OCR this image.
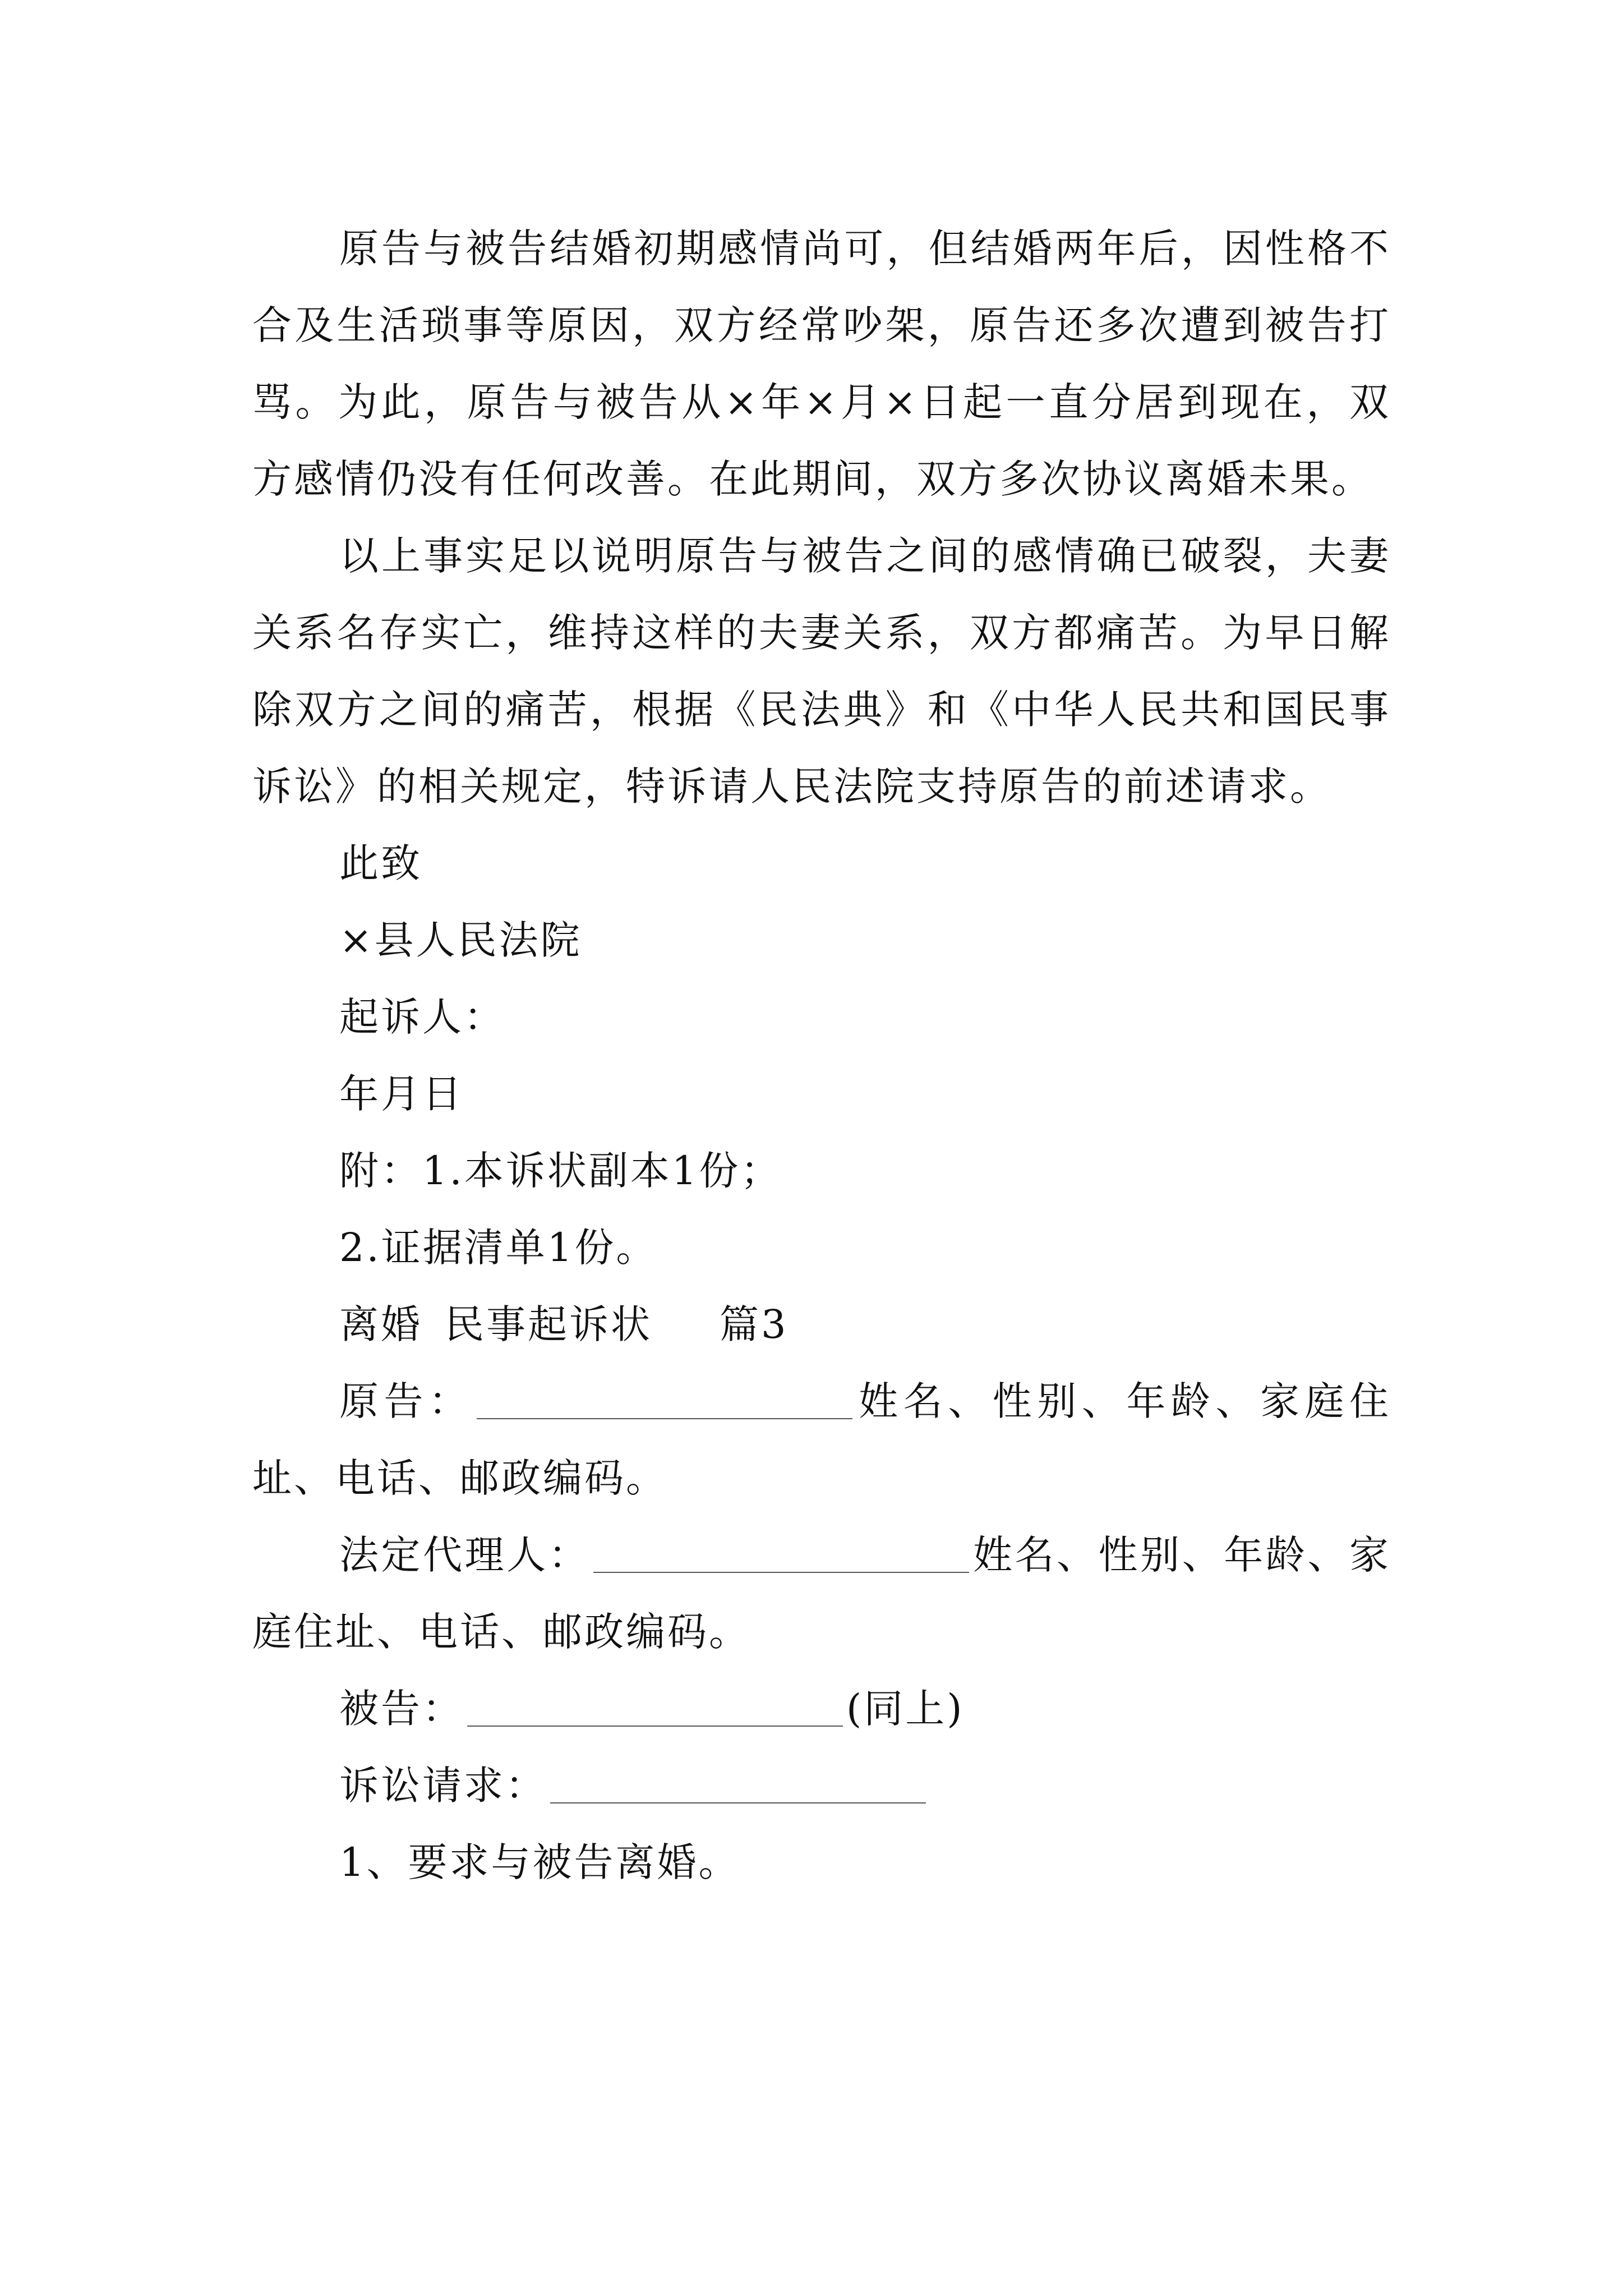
原告与被告结婚初期感情尚可，但结婚两年后，因性格不合及生活琐事等原因，双方经常吵架，原告还多次遭到被告打骂。为此，原告与被告从×年×月×日起一直分居到现在，双方感情仍没有任何改善。在此期间，双方多次协议离婚未果。

以上事实足以说明原告与被告之间的感情确已破裂，夫妻关系名存实亡，维持这样的夫妻关系，双方都痛苦。为早日解除双方之间的痛苦，根据《民法典》和《中华人民共和国民事诉讼》的相关规定，特诉请人民法院支持原告的前述请求。

此致

×县人民法院

起诉人：

年月日

附：1.本诉状副本1份；

2.证据清单1份。

离婚 民事起诉状 篇3

原告：	姓名、性别、年龄、家庭住址、电话、邮政编码。

法定代理人：	姓名、性别、年龄、家庭住址、电话、邮政编码。

被告：	(同上)

诉讼请求：

1、要求与被告离婚。
